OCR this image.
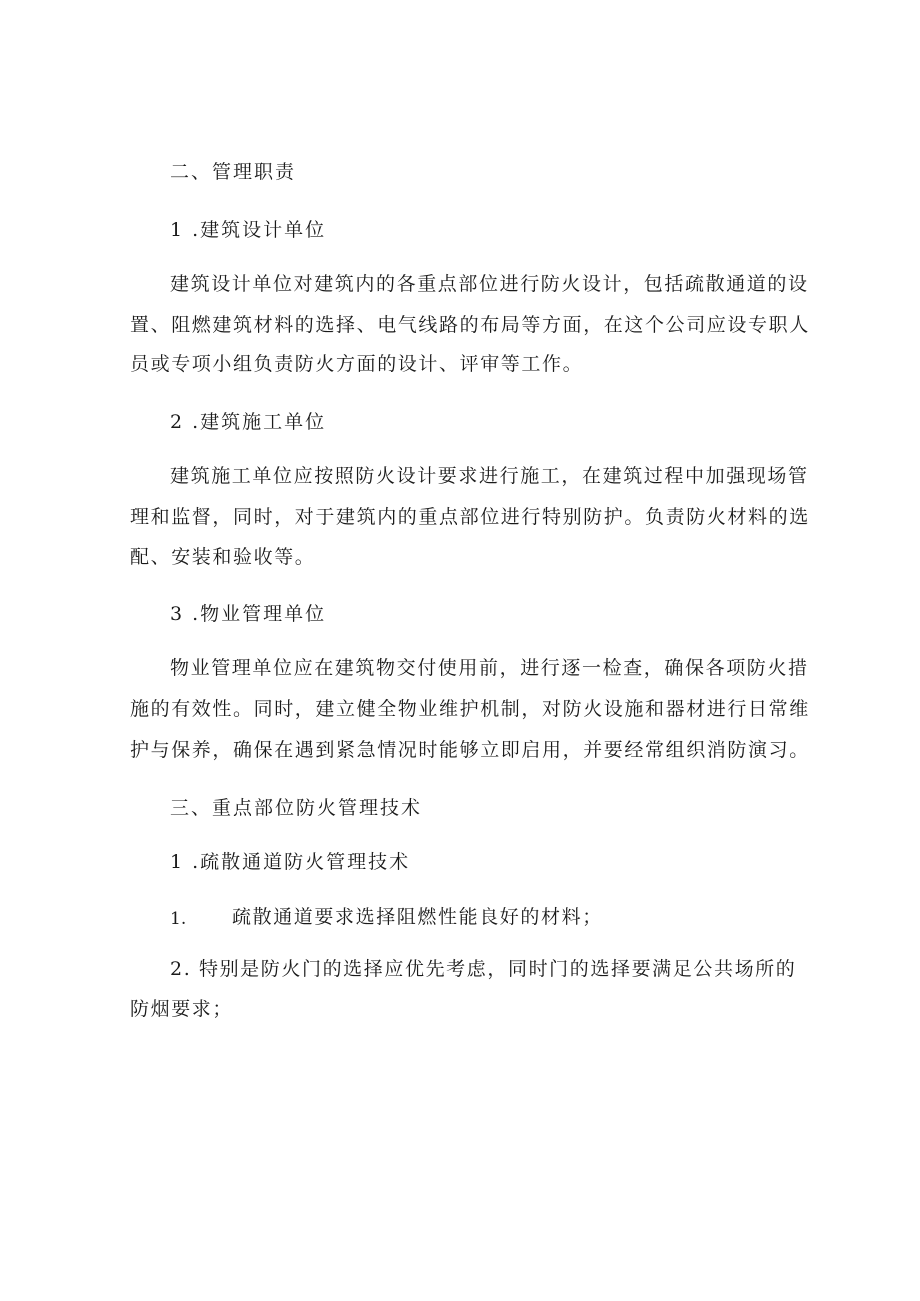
二、管理职责
1 .建筑设计单位
建筑设计单位对建筑内的各重点部位进行防火设计，包括疏散通道的设
置、阻燃建筑材料的选择、电气线路的布局等方面，在这个公司应设专职人
员或专项小组负责防火方面的设计、评审等工作。
2 .建筑施工单位
建筑施工单位应按照防火设计要求进行施工，在建筑过程中加强现场管
理和监督，同时，对于建筑内的重点部位进行特别防护。负责防火材料的选
配、安装和验收等。
3 .物业管理单位
物业管理单位应在建筑物交付使用前，进行逐一检查，确保各项防火措
施的有效性。同时，建立健全物业维护机制，对防火设施和器材进行日常维
护与保养，确保在遇到紧急情况时能够立即启用，并要经常组织消防演习。
三、重点部位防火管理技术
1 .疏散通道防火管理技术
1. 疏散通道要求选择阻燃性能良好的材料；
2. 特别是防火门的选择应优先考虑，同时门的选择要满足公共场所的
防烟要求；
